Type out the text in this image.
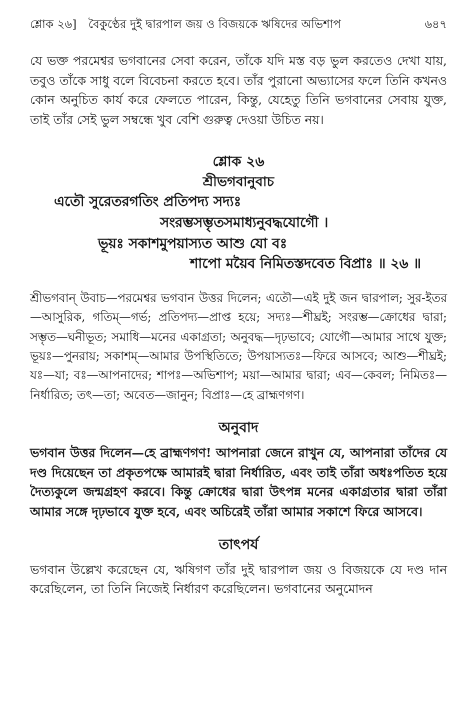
শ্লোক ২৬] বৈকুণ্ঠের দুই দ্বারপাল জয় ও বিজয়কে ঋষিদের অভিশাপ	৬৪৭

যে ভক্ত পরমেশ্বর ভগবানের সেবা করেন, তাঁকে যদি মস্ত বড় ভুল করতেও দেখা যায়, তবুও তাঁকে সাধু বলে বিবেচনা করতে হবে। তাঁর পুরানো অভ্যাসের ফলে তিনি কখনও কোন অনুচিত কার্য করে ফেলতে পারেন, কিন্তু, যেহেতু তিনি ভগবানের সেবায় যুক্ত, তাই তাঁর সেই ভুল সম্বন্ধে খুব বেশি গুরুত্ব দেওয়া উচিত নয়।

শ্লোক ২৬
শ্রীভগবানুবাচ
এতৌ সুরেতরগতিং প্রতিপদ্য সদ্যঃ
সংরম্ভসম্ভৃতসমাধ্যনুবদ্ধযোগৌ ।
ভূয়ঃ সকাশমুপয়াস্যত আশু যো বঃ
শাপো ময়ৈব নিমিতস্তদবেত বিপ্রাঃ ॥ ২৬ ॥

শ্রীভগবান্ উবাচ—পরমেশ্বর ভগবান উত্তর দিলেন; এতৌ—এই দুই জন দ্বারপাল; সুর-ইতর—আসুরিক, গতিম্—গর্ভ; প্রতিপদ্য—প্রাপ্ত হয়ে; সদ্যঃ—শীঘ্রই; সংরম্ভ—ক্রোধের দ্বারা; সম্ভৃত—ঘনীভূত; সমাধি—মনের একাগ্রতা; অনুবদ্ধ—দৃঢ়ভাবে; যোগৌ—আমার সাথে যুক্ত; ভূয়ঃ—পুনরায়; সকাশম্—আমার উপস্থিতিতে; উপয়াস্যতঃ—ফিরে আসবে; আশু—শীঘ্রই; যঃ—যা; বঃ—আপনাদের; শাপঃ—অভিশাপ; ময়া—আমার দ্বারা; এব—কেবল; নিমিতঃ—নির্ধারিত; তৎ—তা; অবেত—জানুন; বিপ্রাঃ—হে ব্রাহ্মণগণ।

অনুবাদ

ভগবান উত্তর দিলেন—হে ব্রাহ্মণগণ! আপনারা জেনে রাখুন যে, আপনারা তাঁদের যে দণ্ড দিয়েছেন তা প্রকৃতপক্ষে আমারই দ্বারা নির্ধারিত, এবং তাই তাঁরা অধঃপতিত হয়ে দৈত্যকুলে জন্মগ্রহণ করবে। কিন্তু ক্রোধের দ্বারা উৎপন্ন মনের একাগ্রতার দ্বারা তাঁরা আমার সঙ্গে দৃঢ়ভাবে যুক্ত হবে, এবং অচিরেই তাঁরা আমার সকাশে ফিরে আসবে।

তাৎপর্য

ভগবান উল্লেখ করেছেন যে, ঋষিগণ তাঁর দুই দ্বারপাল জয় ও বিজয়কে যে দণ্ড দান করেছিলেন, তা তিনি নিজেই নির্ধারণ করেছিলেন। ভগবানের অনুমোদন
